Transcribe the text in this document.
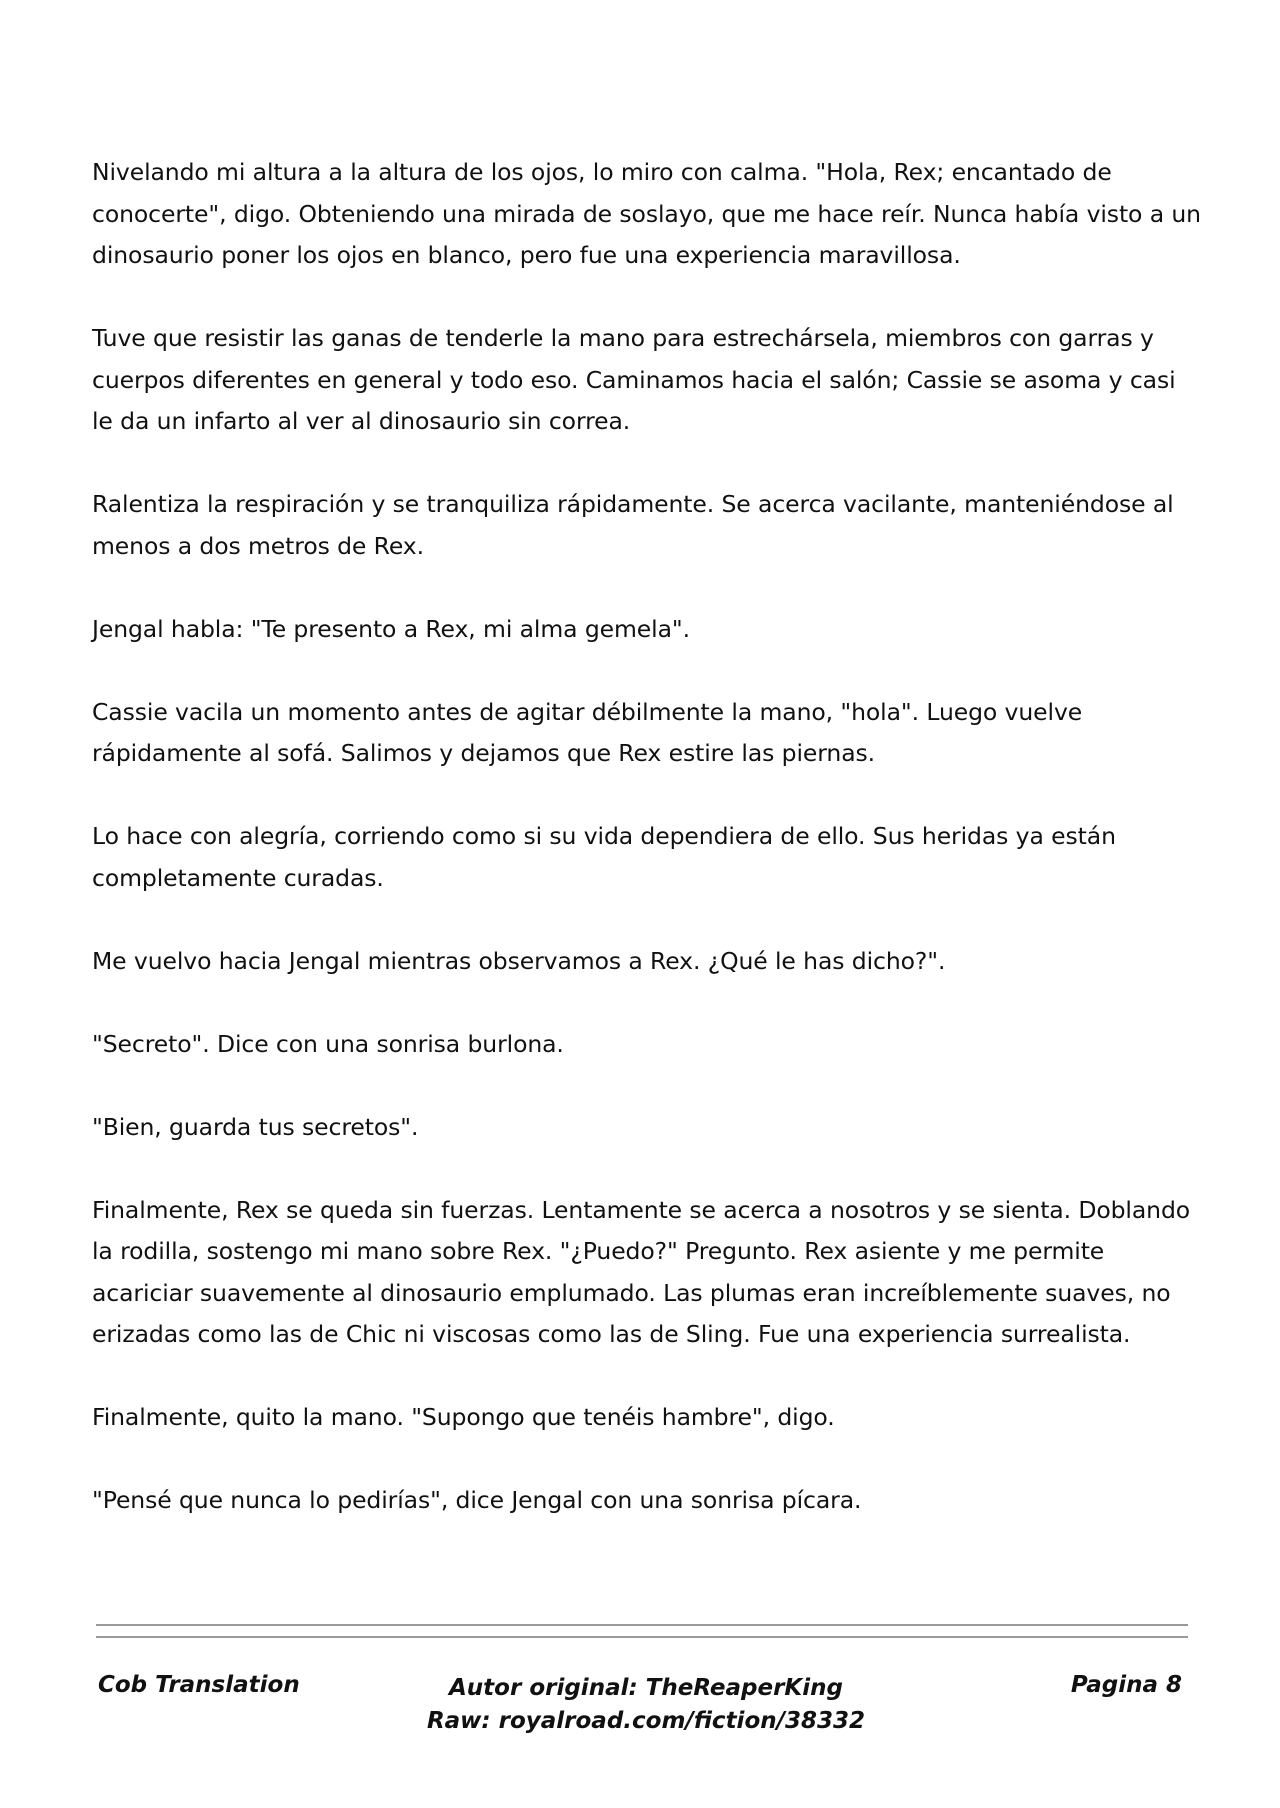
Nivelando mi altura a la altura de los ojos, lo miro con calma. "Hola, Rex; encantado de conocerte", digo. Obteniendo una mirada de soslayo, que me hace reír. Nunca había visto a un dinosaurio poner los ojos en blanco, pero fue una experiencia maravillosa.

Tuve que resistir las ganas de tenderle la mano para estrechársela, miembros con garras y cuerpos diferentes en general y todo eso. Caminamos hacia el salón; Cassie se asoma y casi le da un infarto al ver al dinosaurio sin correa.

Ralentiza la respiración y se tranquiliza rápidamente. Se acerca vacilante, manteniéndose al menos a dos metros de Rex.

Jengal habla: "Te presento a Rex, mi alma gemela".

Cassie vacila un momento antes de agitar débilmente la mano, "hola". Luego vuelve rápidamente al sofá. Salimos y dejamos que Rex estire las piernas.

Lo hace con alegría, corriendo como si su vida dependiera de ello. Sus heridas ya están completamente curadas.

Me vuelvo hacia Jengal mientras observamos a Rex. ¿Qué le has dicho?".

"Secreto". Dice con una sonrisa burlona.

"Bien, guarda tus secretos".

Finalmente, Rex se queda sin fuerzas. Lentamente se acerca a nosotros y se sienta. Doblando la rodilla, sostengo mi mano sobre Rex. "¿Puedo?" Pregunto. Rex asiente y me permite acariciar suavemente al dinosaurio emplumado. Las plumas eran increíblemente suaves, no erizadas como las de Chic ni viscosas como las de Sling. Fue una experiencia surrealista.

Finalmente, quito la mano. "Supongo que tenéis hambre", digo.

"Pensé que nunca lo pedirías", dice Jengal con una sonrisa pícara.

Cob Translation	Autor original: TheReaperKing
Raw: royalroad.com/fiction/38332
Pagina 8
